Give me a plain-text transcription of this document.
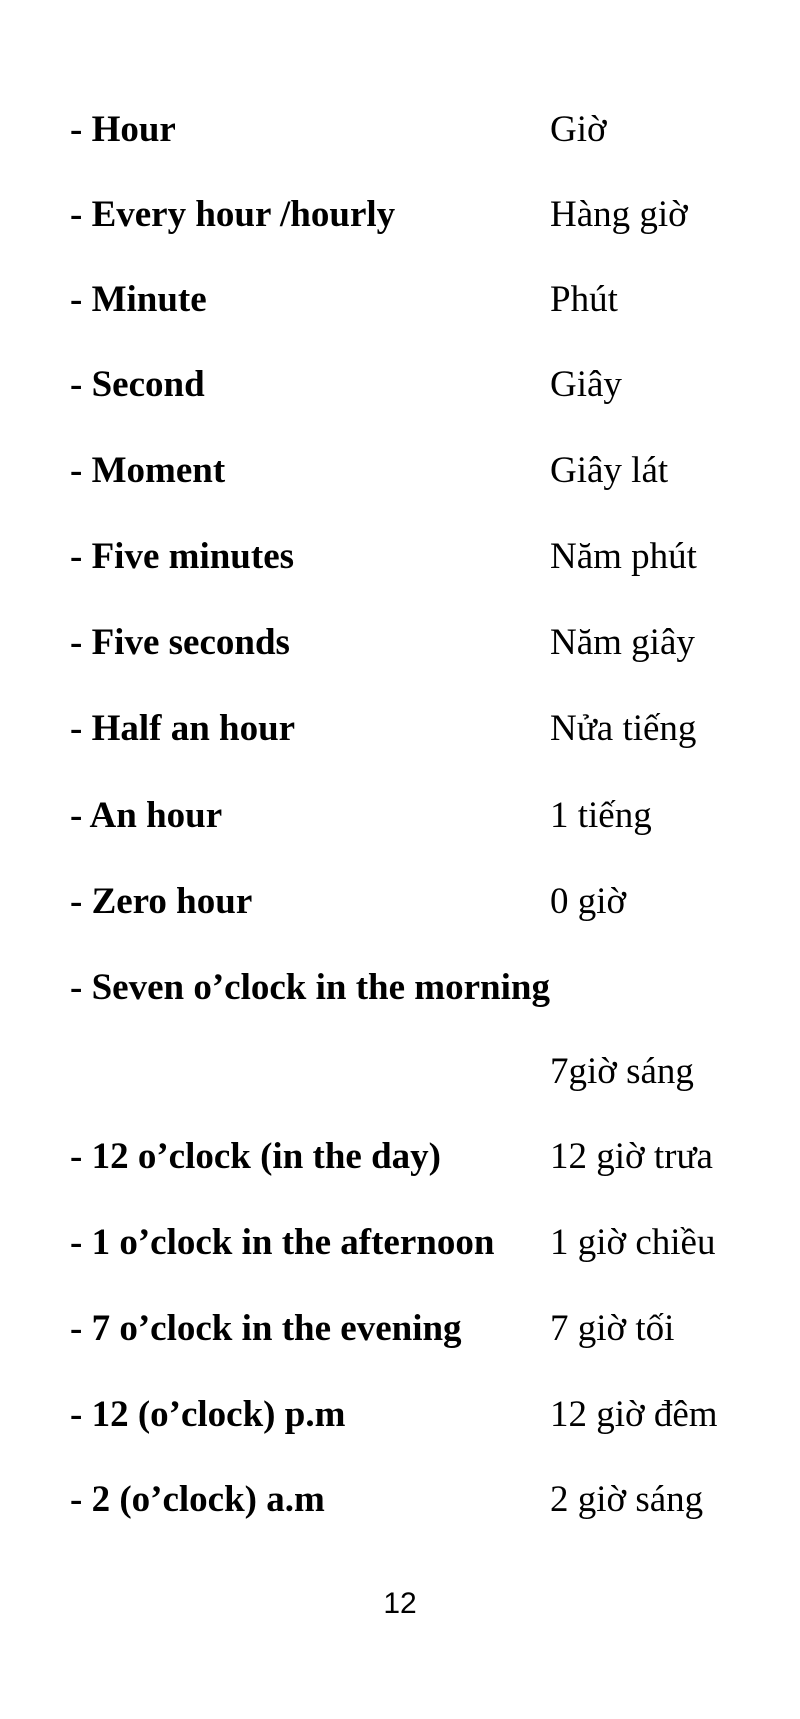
- Hour	Giờ
- Every hour /hourly	Hàng giờ
- Minute	Phút
- Second	Giây
- Moment	Giây lát
- Five minutes	Năm phút
- Five seconds	Năm giây
- Half an hour	Nửa tiếng
- An hour	1 tiếng
- Zero hour	0 giờ
- Seven o’clock in the morning
7giờ sáng
- 12 o’clock (in the day)	12 giờ trưa
- 1 o’clock in the afternoon 1 giờ chiều
- 7 o’clock in the evening 7 giờ tối
- 12 (o’clock) p.m	12 giờ đêm
- 2 (o’clock) a.m	2 giờ sáng
12
